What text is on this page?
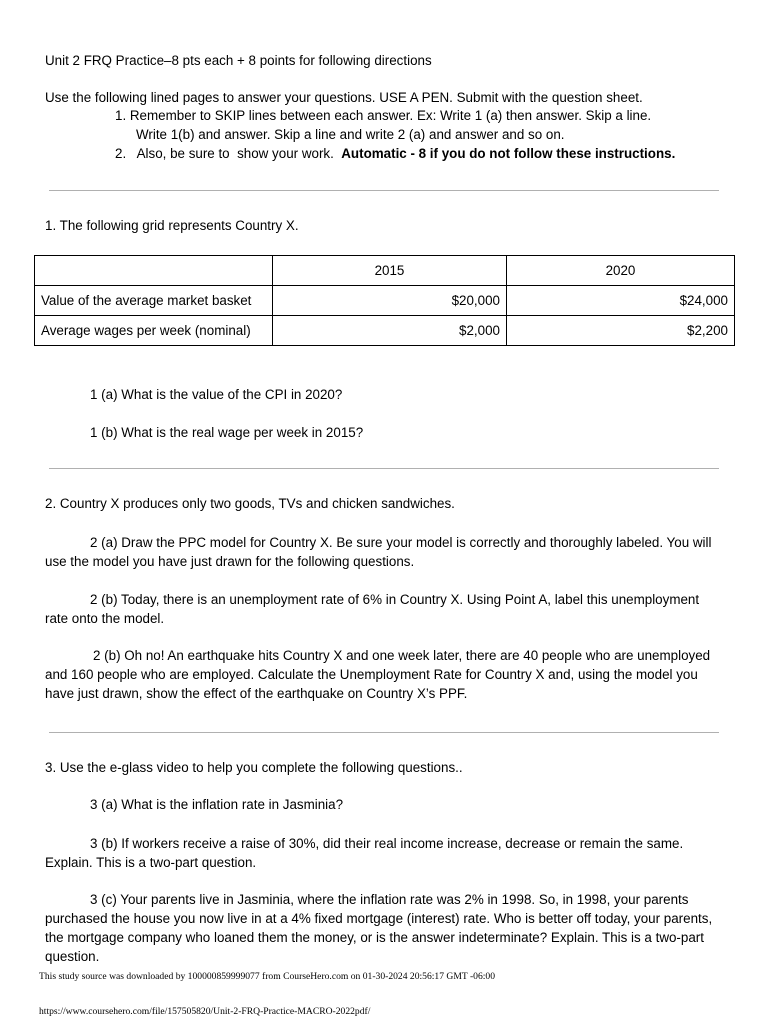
Unit 2 FRQ Practice–8 pts each + 8 points for following directions
Use the following lined pages to answer your questions. USE A PEN. Submit with the question sheet.
1. Remember to SKIP lines between each answer. Ex: Write 1 (a) then answer. Skip a line.
Write 1(b) and answer. Skip a line and write 2 (a) and answer and so on.
2.   Also, be sure to  show your work.  Automatic - 8 if you do not follow these instructions.
1. The following grid represents Country X.
	2015	2020
Value of the average market basket	$20,000	$24,000
Average wages per week (nominal)	$2,000	$2,200
1 (a) What is the value of the CPI in 2020?
1 (b) What is the real wage per week in 2015?
2. Country X produces only two goods, TVs and chicken sandwiches.
2 (a) Draw the PPC model for Country X. Be sure your model is correctly and thoroughly labeled. You will use the model you have just drawn for the following questions.
2 (b) Today, there is an unemployment rate of 6% in Country X. Using Point A, label this unemployment rate onto the model.
2 (b) Oh no! An earthquake hits Country X and one week later, there are 40 people who are unemployed and 160 people who are employed. Calculate the Unemployment Rate for Country X and, using the model you have just drawn, show the effect of the earthquake on Country X’s PPF.
3. Use the e-glass video to help you complete the following questions..
3 (a) What is the inflation rate in Jasminia?
3 (b) If workers receive a raise of 30%, did their real income increase, decrease or remain the same. Explain. This is a two-part question.
3 (c) Your parents live in Jasminia, where the inflation rate was 2% in 1998. So, in 1998, your parents purchased the house you now live in at a 4% fixed mortgage (interest) rate. Who is better off today, your parents, the mortgage company who loaned them the money, or is the answer indeterminate? Explain. This is a two-part question.
This study source was downloaded by 100000859999077 from CourseHero.com on 01-30-2024 20:56:17 GMT -06:00
https://www.coursehero.com/file/157505820/Unit-2-FRQ-Practice-MACRO-2022pdf/
